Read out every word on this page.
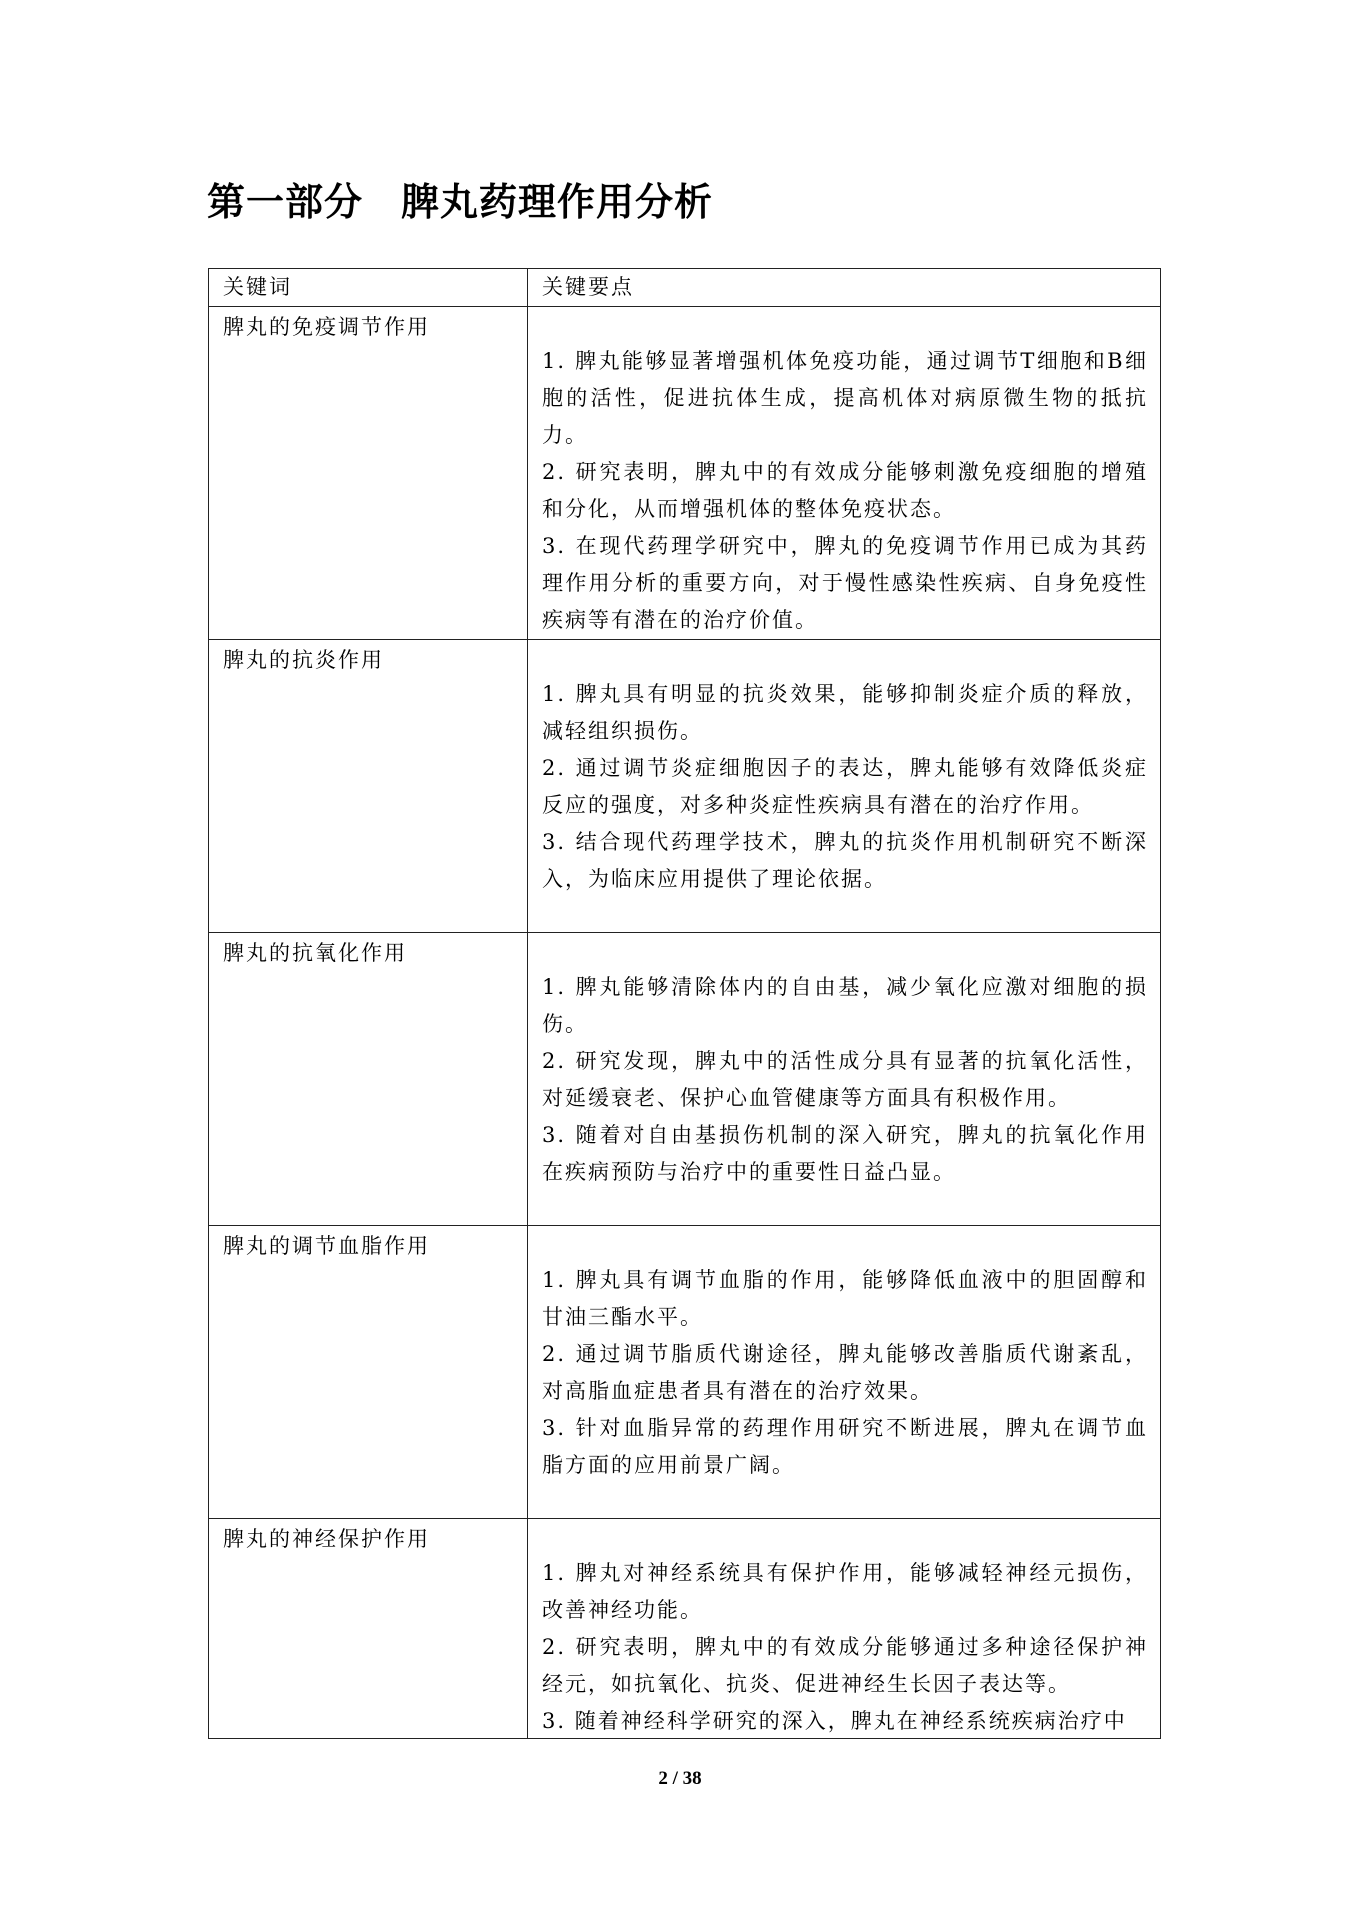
第一部分 脾丸药理作用分析
关键词	关键要点
脾丸的免疫调节作用	1. 脾丸能够显著增强机体免疫功能，通过调节T细胞和B细胞的活性，促进抗体生成，提高机体对病原微生物的抵抗力。

2. 研究表明，脾丸中的有效成分能够刺激免疫细胞的增殖和分化，从而增强机体的整体免疫状态。

3. 在现代药理学研究中，脾丸的免疫调节作用已成为其药理作用分析的重要方向，对于慢性感染性疾病、自身免疫性疾病等有潜在的治疗价值。

脾丸的抗炎作用	1. 脾丸具有明显的抗炎效果，能够抑制炎症介质的释放，减轻组织损伤。

2. 通过调节炎症细胞因子的表达，脾丸能够有效降低炎症反应的强度，对多种炎症性疾病具有潜在的治疗作用。

3. 结合现代药理学技术，脾丸的抗炎作用机制研究不断深入，为临床应用提供了理论依据。

脾丸的抗氧化作用	1. 脾丸能够清除体内的自由基，减少氧化应激对细胞的损伤。

2. 研究发现，脾丸中的活性成分具有显著的抗氧化活性，对延缓衰老、保护心血管健康等方面具有积极作用。

3. 随着对自由基损伤机制的深入研究，脾丸的抗氧化作用在疾病预防与治疗中的重要性日益凸显。

脾丸的调节血脂作用	1. 脾丸具有调节血脂的作用，能够降低血液中的胆固醇和甘油三酯水平。

2. 通过调节脂质代谢途径，脾丸能够改善脂质代谢紊乱，对高脂血症患者具有潜在的治疗效果。

3. 针对血脂异常的药理作用研究不断进展，脾丸在调节血脂方面的应用前景广阔。

脾丸的神经保护作用	1. 脾丸对神经系统具有保护作用，能够减轻神经元损伤，改善神经功能。

2. 研究表明，脾丸中的有效成分能够通过多种途径保护神经元，如抗氧化、抗炎、促进神经生长因子表达等。

3. 随着神经科学研究的深入，脾丸在神经系统疾病治疗中

2 / 38
